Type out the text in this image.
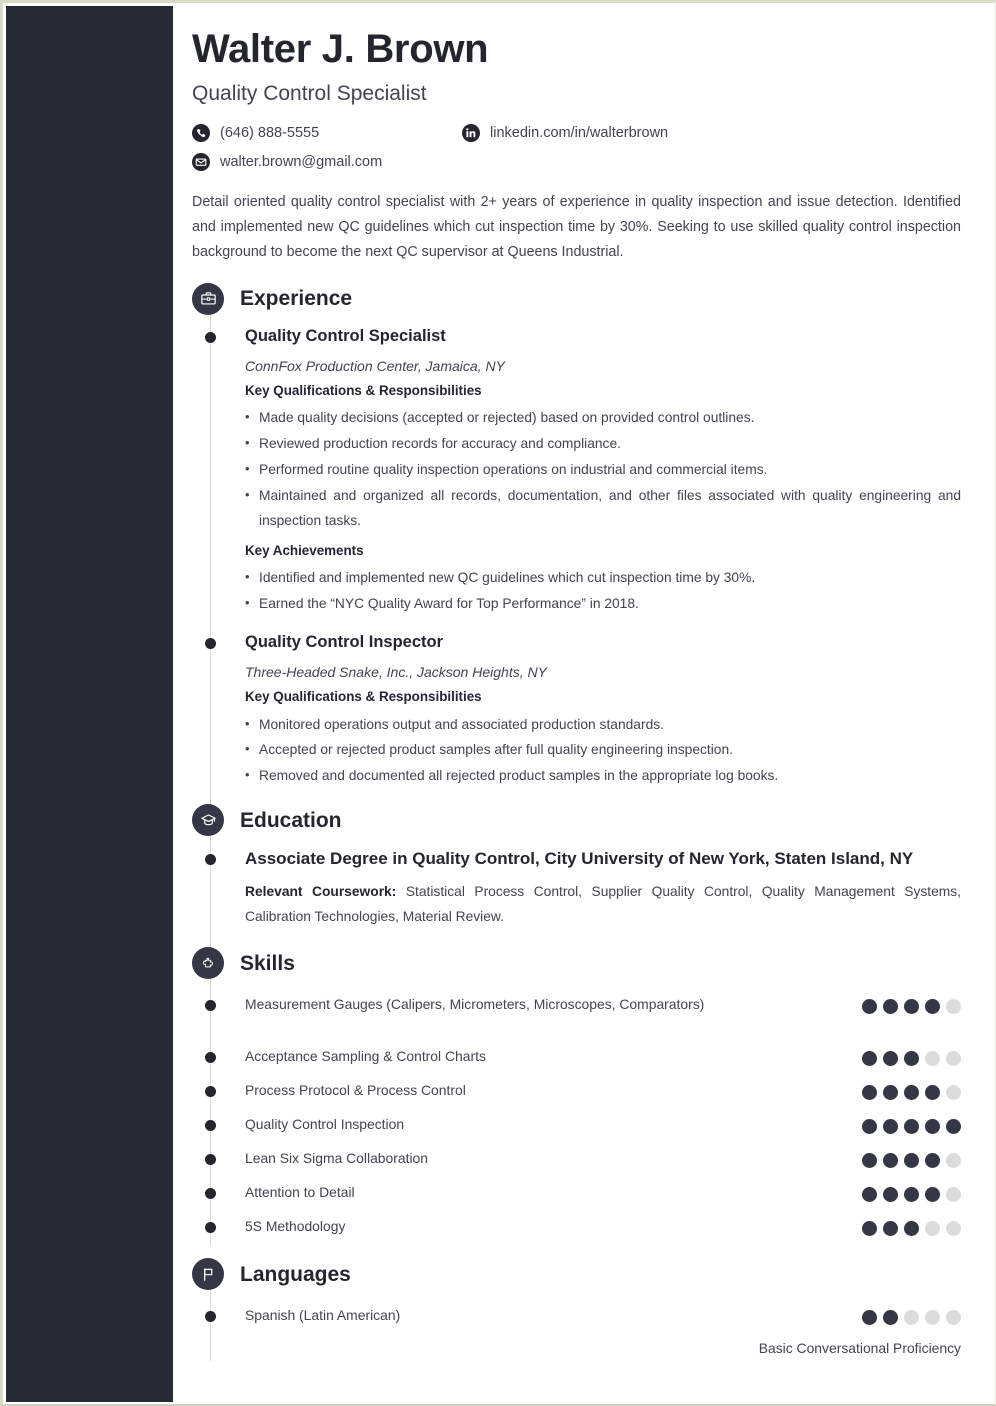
Walter J. Brown
Quality Control Specialist
(646) 888-5555	linkedin.com/in/walterbrown
walter.brown@gmail.com
Detail oriented quality control specialist with 2+ years of experience in quality inspection and issue detection. Identified and implemented new QC guidelines which cut inspection time by 30%. Seeking to use skilled quality control inspection background to become the next QC supervisor at Queens Industrial.
Experience
2017-05 - 2019-05
Quality Control Specialist
ConnFox Production Center, Jamaica, NY
Key Qualifications & Responsibilities
• Made quality decisions (accepted or rejected) based on provided control outlines.
• Reviewed production records for accuracy and compliance.
• Performed routine quality inspection operations on industrial and commercial items.
• Maintained and organized all records, documentation, and other files associated with quality engineering and inspection tasks.
Key Achievements
• Identified and implemented new QC guidelines which cut inspection time by 30%.
• Earned the “NYC Quality Award for Top Performance” in 2018.
2016-09 - 2017-05
Quality Control Inspector
Three-Headed Snake, Inc., Jackson Heights, NY
Key Qualifications & Responsibilities
• Monitored operations output and associated production standards.
• Accepted or rejected product samples after full quality engineering inspection.
• Removed and documented all rejected product samples in the appropriate log books.
Education
2016
Associate Degree in Quality Control, City University of New York, Staten Island, NY

Relevant Coursework: Statistical Process Control, Supplier Quality Control, Quality Management Systems, Calibration Technologies, Material Review.

Skills
Measurement Gauges (Calipers, Micrometers, Microscopes, Comparators)
Acceptance Sampling & Control Charts
Process Protocol & Process Control
Quality Control Inspection
Lean Six Sigma Collaboration
Attention to Detail
5S Methodology
Languages
Spanish (Latin American)
Basic Conversational Proficiency
